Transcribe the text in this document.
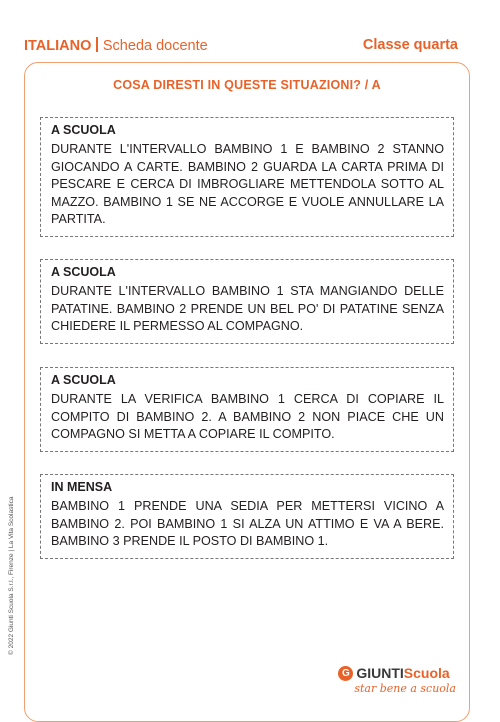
ITALIANO Scheda docente	Classe quarta
COSA DIRESTI IN QUESTE SITUAZIONI? / A
A SCUOLA
DURANTE L'INTERVALLO BAMBINO 1 E BAMBINO 2 STANNO GIOCANDO A CARTE. BAMBINO 2 GUARDA LA CARTA PRIMA DI PESCARE E CERCA DI IMBROGLIARE METTENDOLA SOTTO AL MAZZO. BAMBINO 1 SE NE ACCORGE E VUOLE ANNULLARE LA PARTITA.
A SCUOLA
DURANTE L'INTERVALLO BAMBINO 1 STA MANGIANDO DELLE PATATINE. BAMBINO 2 PRENDE UN BEL PO' DI PATATINE SENZA CHIEDERE IL PERMESSO AL COMPAGNO.
A SCUOLA
DURANTE LA VERIFICA BAMBINO 1 CERCA DI COPIARE IL COMPITO DI BAMBINO 2. A BAMBINO 2 NON PIACE CHE UN COMPAGNO SI METTA A COPIARE IL COMPITO.
IN MENSA
BAMBINO 1 PRENDE UNA SEDIA PER METTERSI VICINO A BAMBINO 2. POI BAMBINO 1 SI ALZA UN ATTIMO E VA A BERE. BAMBINO 3 PRENDE IL POSTO DI BAMBINO 1.
© 2022 Giunti Scuola S.r.l., Firenze | La Vita Scolastica
G GIUNTI Scuola
star bene a scuola
